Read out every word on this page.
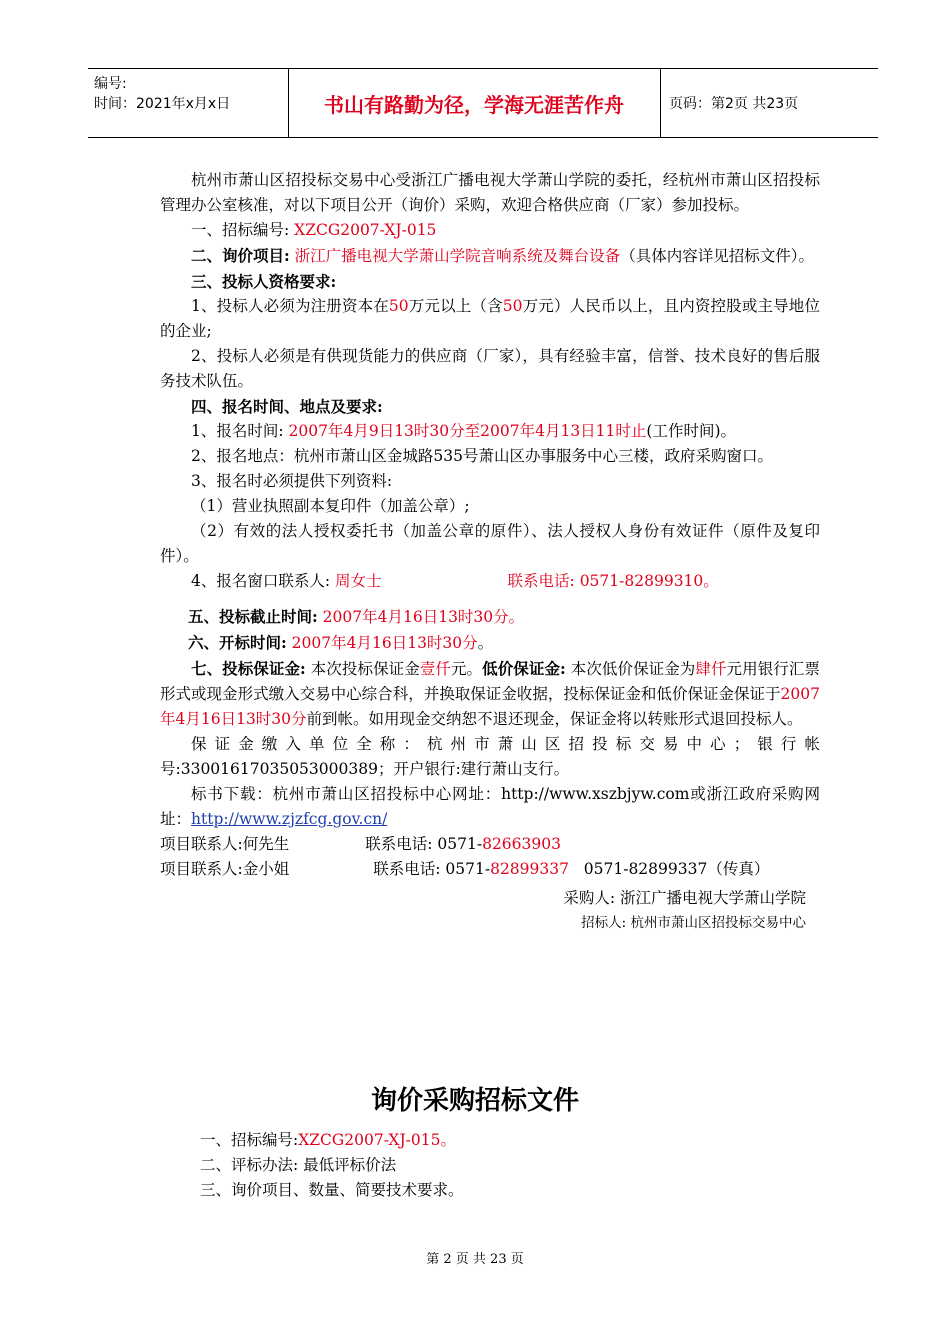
编号:
时间：2021年x月x日	书山有路勤为径，学海无涯苦作舟	页码：第2页 共23页

杭州市萧山区招投标交易中心受浙江广播电视大学萧山学院的委托，经杭州市萧山区招投标管理办公室核准，对以下项目公开（询价）采购，欢迎合格供应商（厂家）参加投标。

一、招标编号: XZCG2007-XJ-015

二、询价项目: 浙江广播电视大学萧山学院音响系统及舞台设备（具体内容详见招标文件）。

三、投标人资格要求:

1、投标人必须为注册资本在50万元以上（含50万元）人民币以上，且内资控股或主导地位的企业;

2、投标人必须是有供现货能力的供应商（厂家），具有经验丰富，信誉、技术良好的售后服务技术队伍。

四、报名时间、地点及要求:

1、报名时间: 2007年4月9日13时30分至2007年4月13日11时止(工作时间)。

2、报名地点：杭州市萧山区金城路535号萧山区办事服务中心三楼，政府采购窗口。

3、报名时必须提供下列资料:

（1）营业执照副本复印件（加盖公章）;

（2）有效的法人授权委托书（加盖公章的原件）、法人授权人身份有效证件（原件及复印件）。

4、报名窗口联系人: 周女士	联系电话: 0571-82899310。

五、投标截止时间: 2007年4月16日13时30分。

六、开标时间: 2007年4月16日13时30分。

七、投标保证金: 本次投标保证金壹仟元。低价保证金: 本次低价保证金为肆仟元用银行汇票形式或现金形式缴入交易中心综合科，并换取保证金收据，投标保证金和低价保证金保证于2007年4月16日13时30分前到帐。如用现金交纳恕不退还现金，保证金将以转账形式退回投标人。

保证金缴入单位全称：杭州市萧山区招投标交易中心；银行帐号:33001617035053000389；开户银行:建行萧山支行。

标书下载：杭州市萧山区招投标中心网址：http://www.xszbjyw.com或浙江政府采购网址：http://www.zjzfcg.gov.cn/

项目联系人:何先生	联系电话: 0571-82663903

项目联系人:金小姐	联系电话: 0571-82899337 0571-82899337（传真）

采购人: 浙江广播电视大学萧山学院

招标人: 杭州市萧山区招投标交易中心

询价采购招标文件

一、招标编号:XZCG2007-XJ-015。

二、评标办法: 最低评标价法

三、询价项目、数量、简要技术要求。

第 2 页 共 23 页
